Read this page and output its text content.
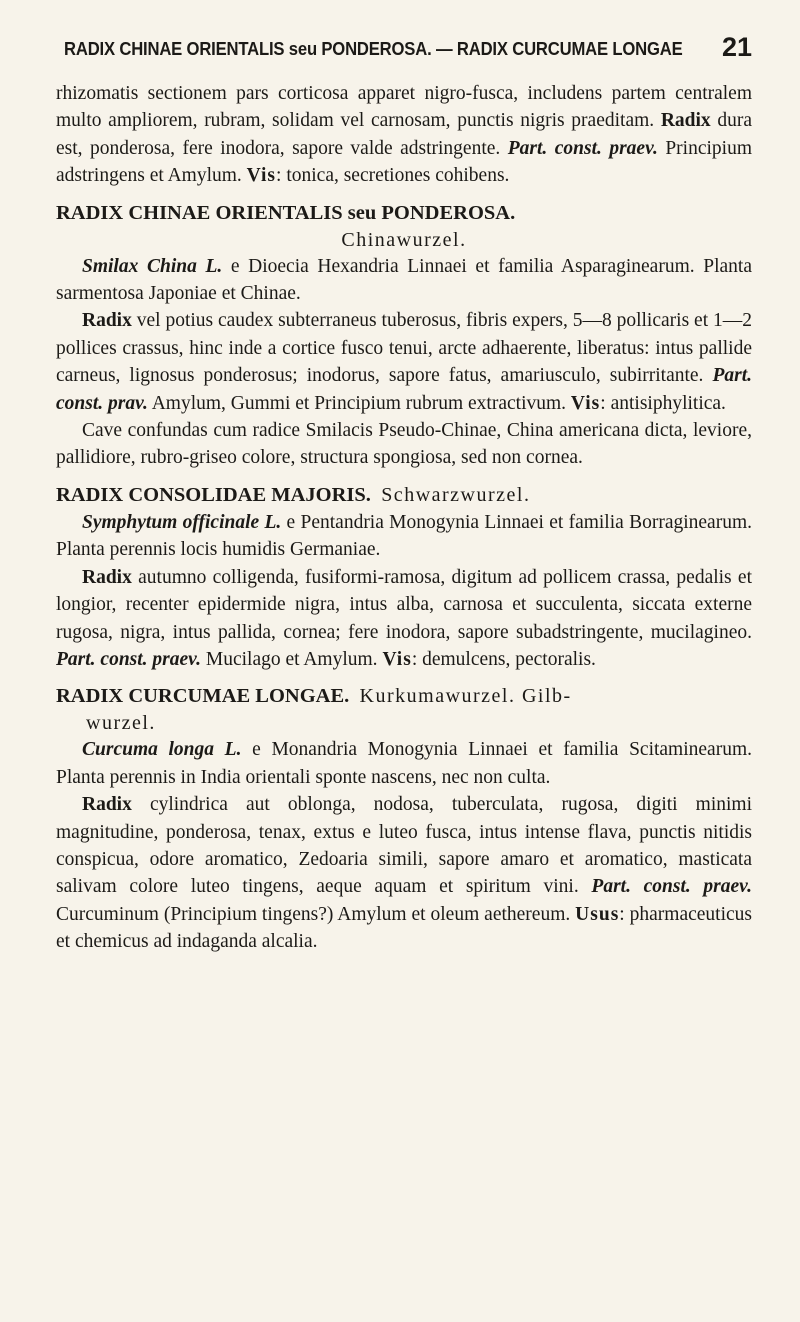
RADIX CHINAE ORIENTALIS seu PONDEROSA. — RADIX CURCUMAE LONGAE 21

rhizomatis sectionem pars corticosa apparet nigro-fusca, includens partem centralem multo ampliorem, rubram, solidam vel carnosam, punctis nigris praeditam. Radix dura est, ponderosa, fere inodora, sapore valde adstringente. Part. const. praev. Principium adstringens et Amylum. Vis: tonica, secretiones cohibens.

RADIX CHINAE ORIENTALIS seu PONDEROSA.

Chinawurzel.

Smilax China L. e Dioecia Hexandria Linnaei et familia Asparaginearum. Planta sarmentosa Japoniae et Chinae.

Radix vel potius caudex subterraneus tuberosus, fibris expers, 5—8 pollicaris et 1—2 pollices crassus, hinc inde a cortice fusco tenui, arcte adhaerente, liberatus: intus pallide carneus, lignosus ponderosus; inodorus, sapore fatus, amariusculo, subirritante. Part. const. prav. Amylum, Gummi et Principium rubrum extractivum. Vis: antisiphylitica.

Cave confundas cum radice Smilacis Pseudo-Chinae, China americana dicta, leviore, pallidiore, rubro-griseo colore, structura spongiosa, sed non cornea.

RADIX CONSOLIDAE MAJORIS. Schwarzwurzel.

Symphytum officinale L. e Pentandria Monogynia Linnaei et familia Borraginearum. Planta perennis locis humidis Germaniae.

Radix autumno colligenda, fusiformi-ramosa, digitum ad pollicem crassa, pedalis et longior, recenter epidermide nigra, intus alba, carnosa et succulenta, siccata externe rugosa, nigra, intus pallida, cornea; fere inodora, sapore subadstringente, mucilagineo. Part. const. praev. Mucilago et Amylum. Vis: demulcens, pectoralis.

RADIX CURCUMAE LONGAE. Kurkumawurzel. Gilb-

wurzel.

Curcuma longa L. e Monandria Monogynia Linnaei et familia Scitaminearum. Planta perennis in India orientali sponte nascens, nec non culta.

Radix cylindrica aut oblonga, nodosa, tuberculata, rugosa, digiti minimi magnitudine, ponderosa, tenax, extus e luteo fusca, intus intense flava, punctis nitidis conspicua, odore aromatico, Zedoaria simili, sapore amaro et aromatico, masticata salivam colore luteo tingens, aeque aquam et spiritum vini. Part. const. praev. Curcuminum (Principium tingens?) Amylum et oleum aethereum. Usus: pharmaceuticus et chemicus ad indaganda alcalia.
